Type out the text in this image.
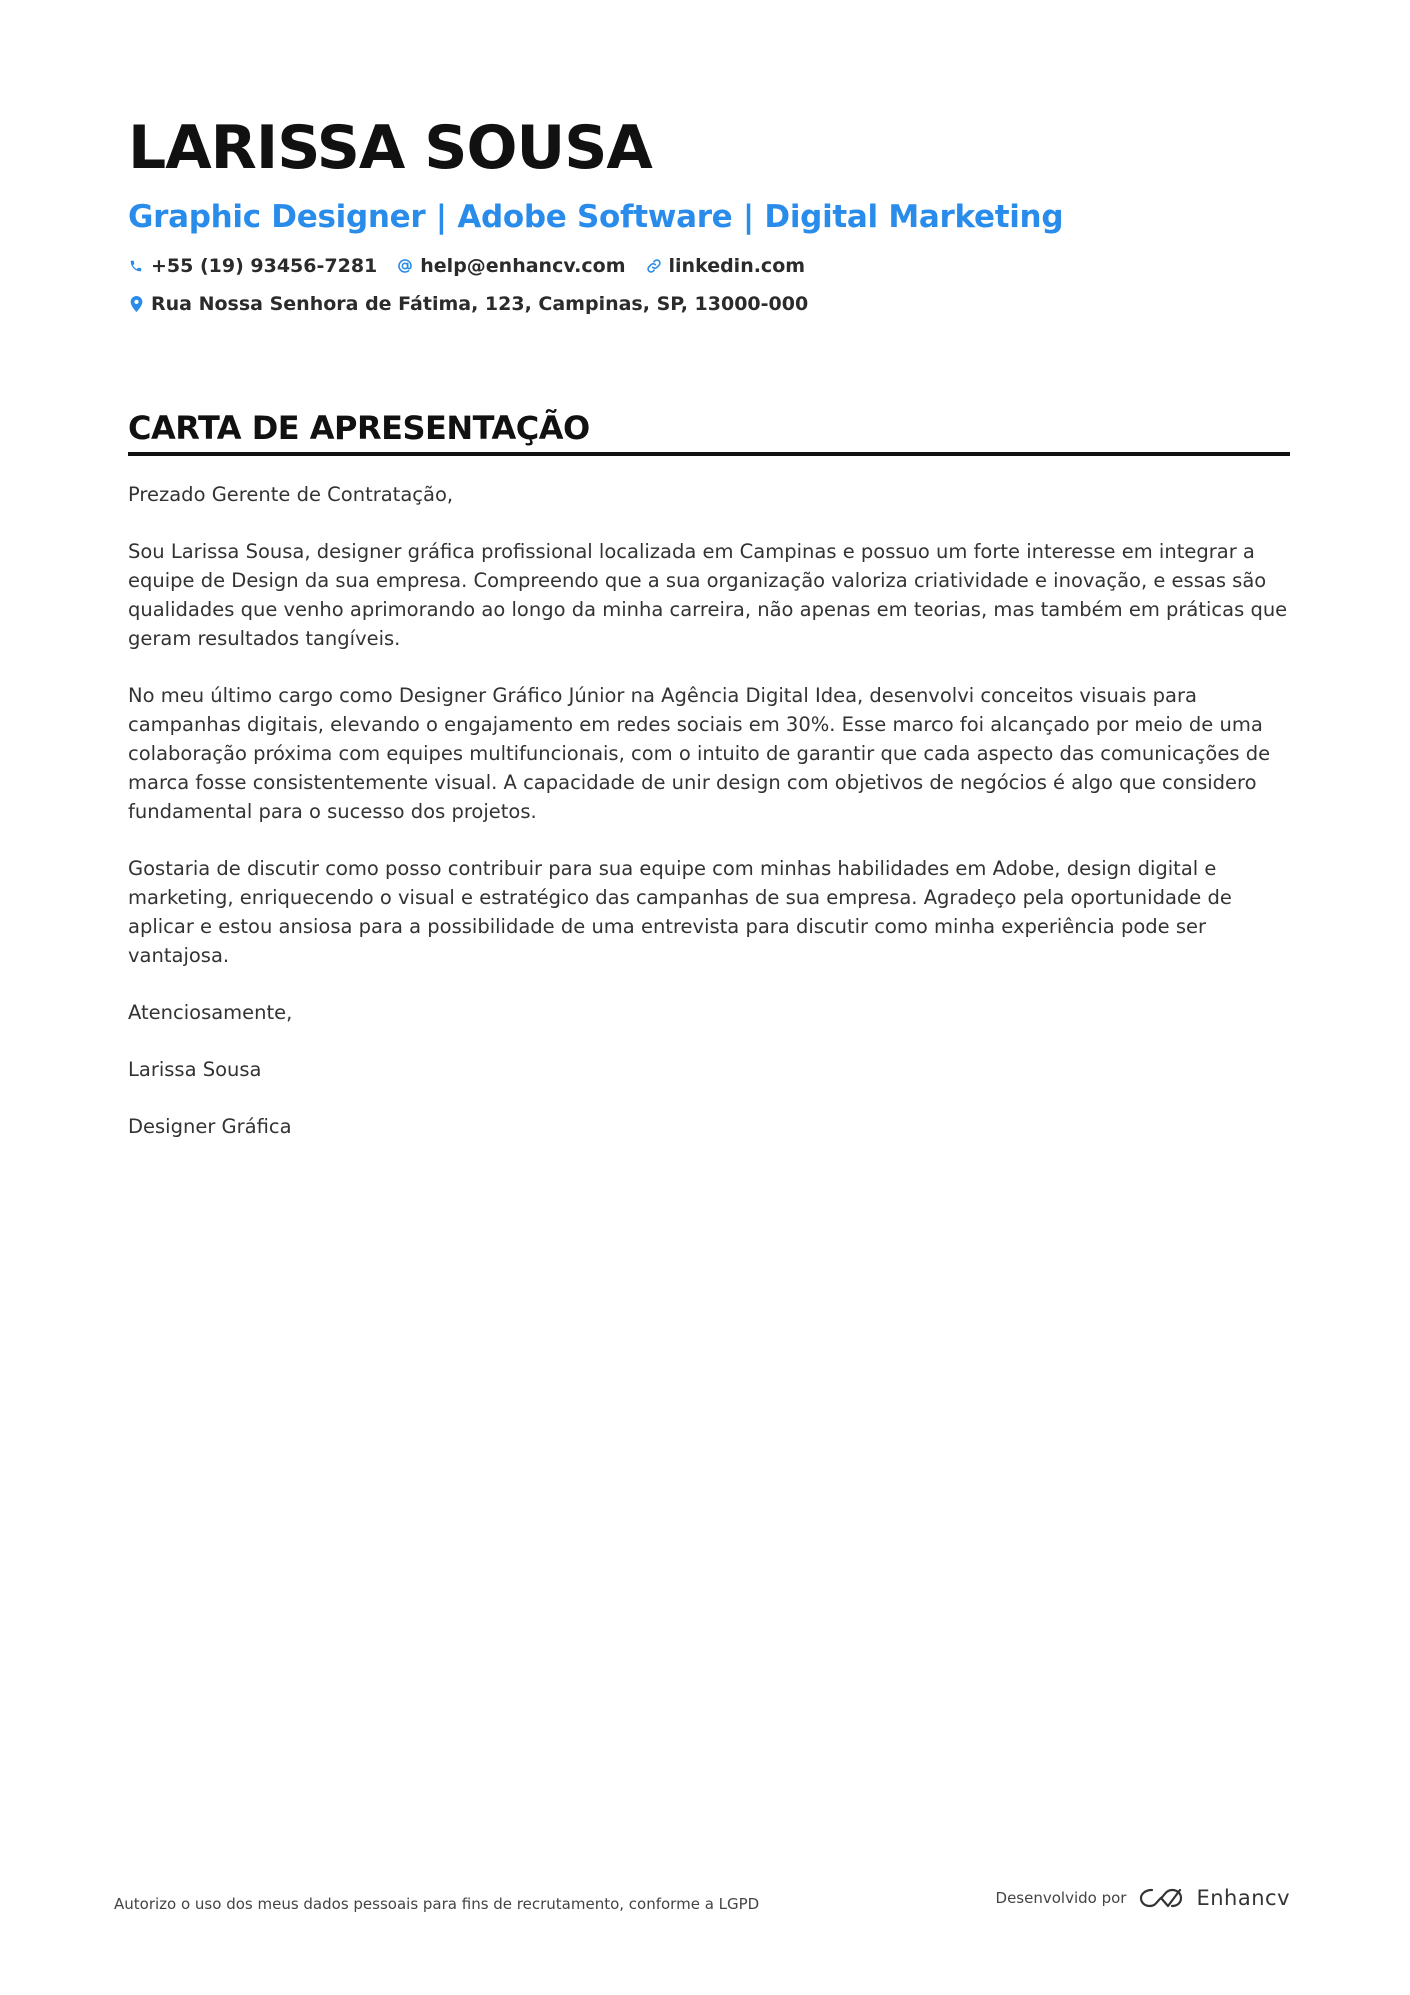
LARISSA SOUSA
Graphic Designer | Adobe Software | Digital Marketing
+55 (19) 93456-7281 help@enhancv.com linkedin.com
Rua Nossa Senhora de Fátima, 123, Campinas, SP, 13000-000
CARTA DE APRESENTAÇÃO

Prezado Gerente de Contratação,

Sou Larissa Sousa, designer gráfica profissional localizada em Campinas e possuo um forte interesse em integrar a equipe de Design da sua empresa. Compreendo que a sua organização valoriza criatividade e inovação, e essas são qualidades que venho aprimorando ao longo da minha carreira, não apenas em teorias, mas também em práticas que geram resultados tangíveis.

No meu último cargo como Designer Gráfico Júnior na Agência Digital Idea, desenvolvi conceitos visuais para campanhas digitais, elevando o engajamento em redes sociais em 30%. Esse marco foi alcançado por meio de uma colaboração próxima com equipes multifuncionais, com o intuito de garantir que cada aspecto das comunicações de marca fosse consistentemente visual. A capacidade de unir design com objetivos de negócios é algo que considero fundamental para o sucesso dos projetos.

Gostaria de discutir como posso contribuir para sua equipe com minhas habilidades em Adobe, design digital e marketing, enriquecendo o visual e estratégico das campanhas de sua empresa. Agradeço pela oportunidade de aplicar e estou ansiosa para a possibilidade de uma entrevista para discutir como minha experiência pode ser vantajosa.

Atenciosamente,

Larissa Sousa

Designer Gráfica

Autorizo o uso dos meus dados pessoais para fins de recrutamento, conforme a LGPD	Desenvolvido por	Enhancv
